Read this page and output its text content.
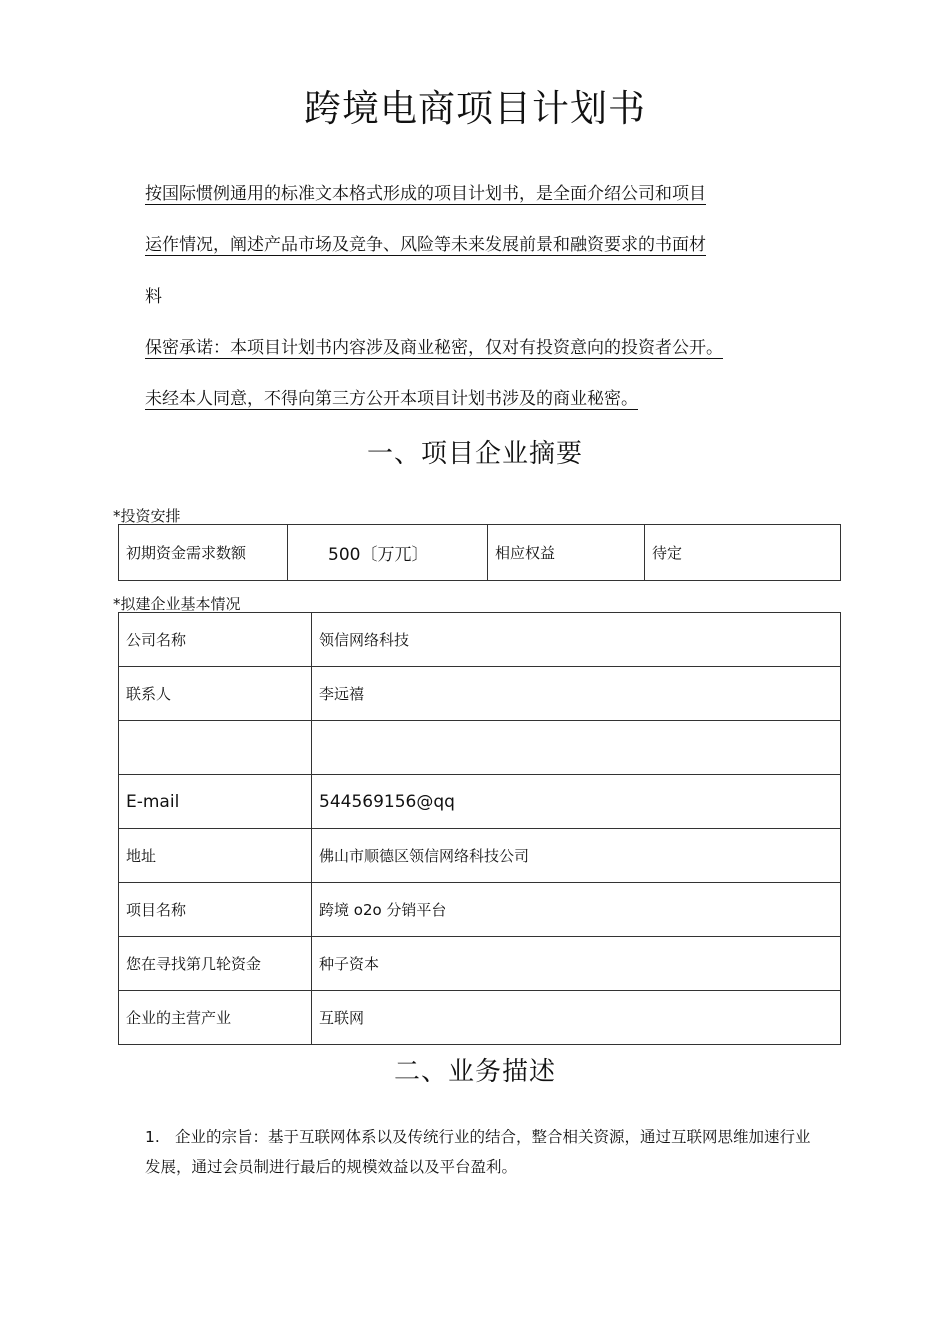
跨境电商项目计划书
按国际惯例通用的标准文本格式形成的项目计划书，是全面介绍公司和项目
运作情况，阐述产品市场及竞争、风险等未来发展前景和融资要求的书面材
料
保密承诺：本项目计划书内容涉及商业秘密，仅对有投资意向的投资者公开。
未经本人同意，不得向第三方公开本项目计划书涉及的商业秘密。
一、项目企业摘要
*投资安排
初期资金需求数额	500〔万兀〕	相应权益	待定
*拟建企业基本情况
公司名称	领信网络科技
联系人	李远禧

E-mail	544569156@qq
地址	佛山市顺德区领信网络科技公司
项目名称	跨境 o2o 分销平台
您在寻找第几轮资金	种子资本
企业的主营产业	互联网
二、业务描述
1. 企业的宗旨：基于互联网体系以及传统行业的结合，整合相关资源，通过互联网思维加速行业发展，通过会员制进行最后的规模效益以及平台盈利。
